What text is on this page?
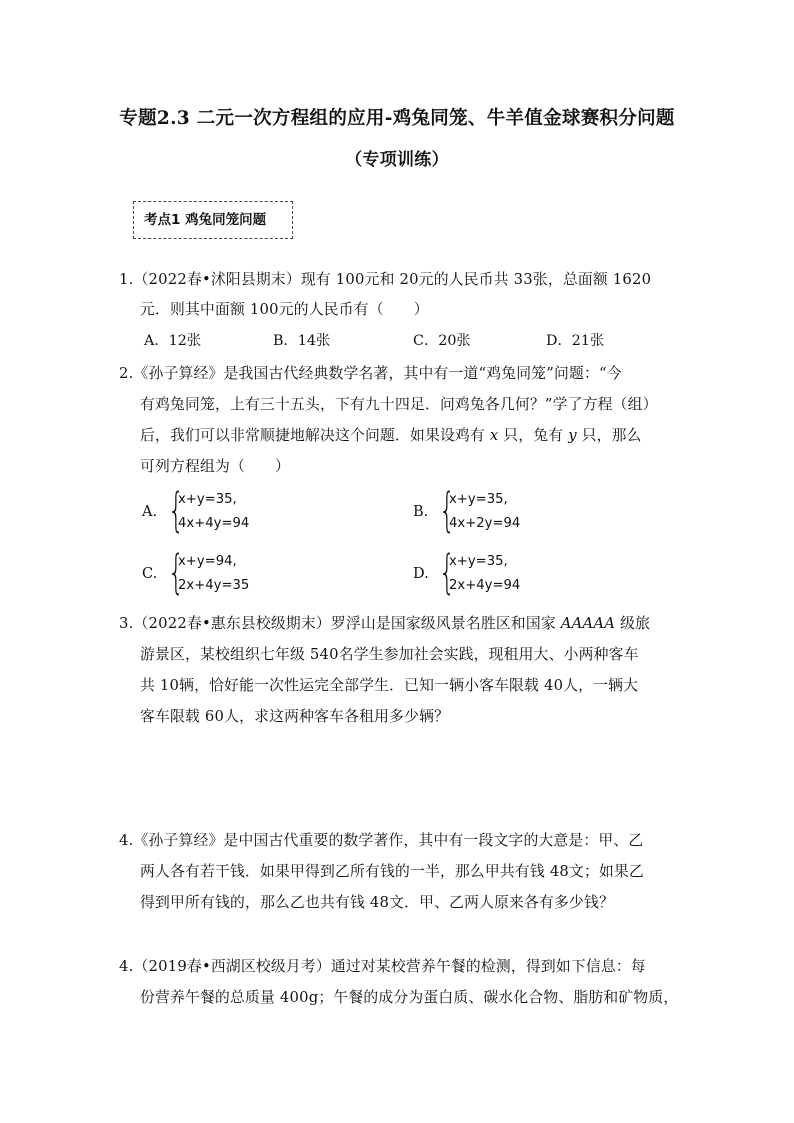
专题2.3 二元一次方程组的应用-鸡兔同笼、牛羊值金球赛积分问题
（专项训练）
考点1 鸡兔同笼问题
1.（2022春•沭阳县期末）现有 100元和 20元的人民币共 33张，总面额 1620
元．则其中面额 100元的人民币有（　　）
A．12张	B．14张	C．20张	D．21张
2.《孙子算经》是我国古代经典数学名著，其中有一道“鸡兔同笼”问题：“今
有鸡兔同笼，上有三十五头，下有九十四足．问鸡兔各几何？”学了方程（组）
后，我们可以非常顺捷地解决这个问题．如果设鸡有 x 只，兔有 y 只，那么
可列方程组为（　　）
A. {
x+y=35,
4x+4y=94
B. {
x+y=35,
4x+2y=94
C. {
x+y=94,
2x+4y=35
D. {
x+y=35,
2x+4y=94
3.（2022春•惠东县校级期末）罗浮山是国家级风景名胜区和国家 AAAAA 级旅
游景区，某校组织七年级 540名学生参加社会实践，现租用大、小两种客车
共 10辆，恰好能一次性运完全部学生．已知一辆小客车限载 40人，一辆大
客车限载 60人，求这两种客车各租用多少辆？
4.《孙子算经》是中国古代重要的数学著作，其中有一段文字的大意是：甲、乙
两人各有若干钱．如果甲得到乙所有钱的一半，那么甲共有钱 48文；如果乙
得到甲所有钱的，那么乙也共有钱 48文．甲、乙两人原来各有多少钱？
4.（2019春•西湖区校级月考）通过对某校营养午餐的检测，得到如下信息：每
份营养午餐的总质量 400g；午餐的成分为蛋白质、碳水化合物、脂肪和矿物质，
